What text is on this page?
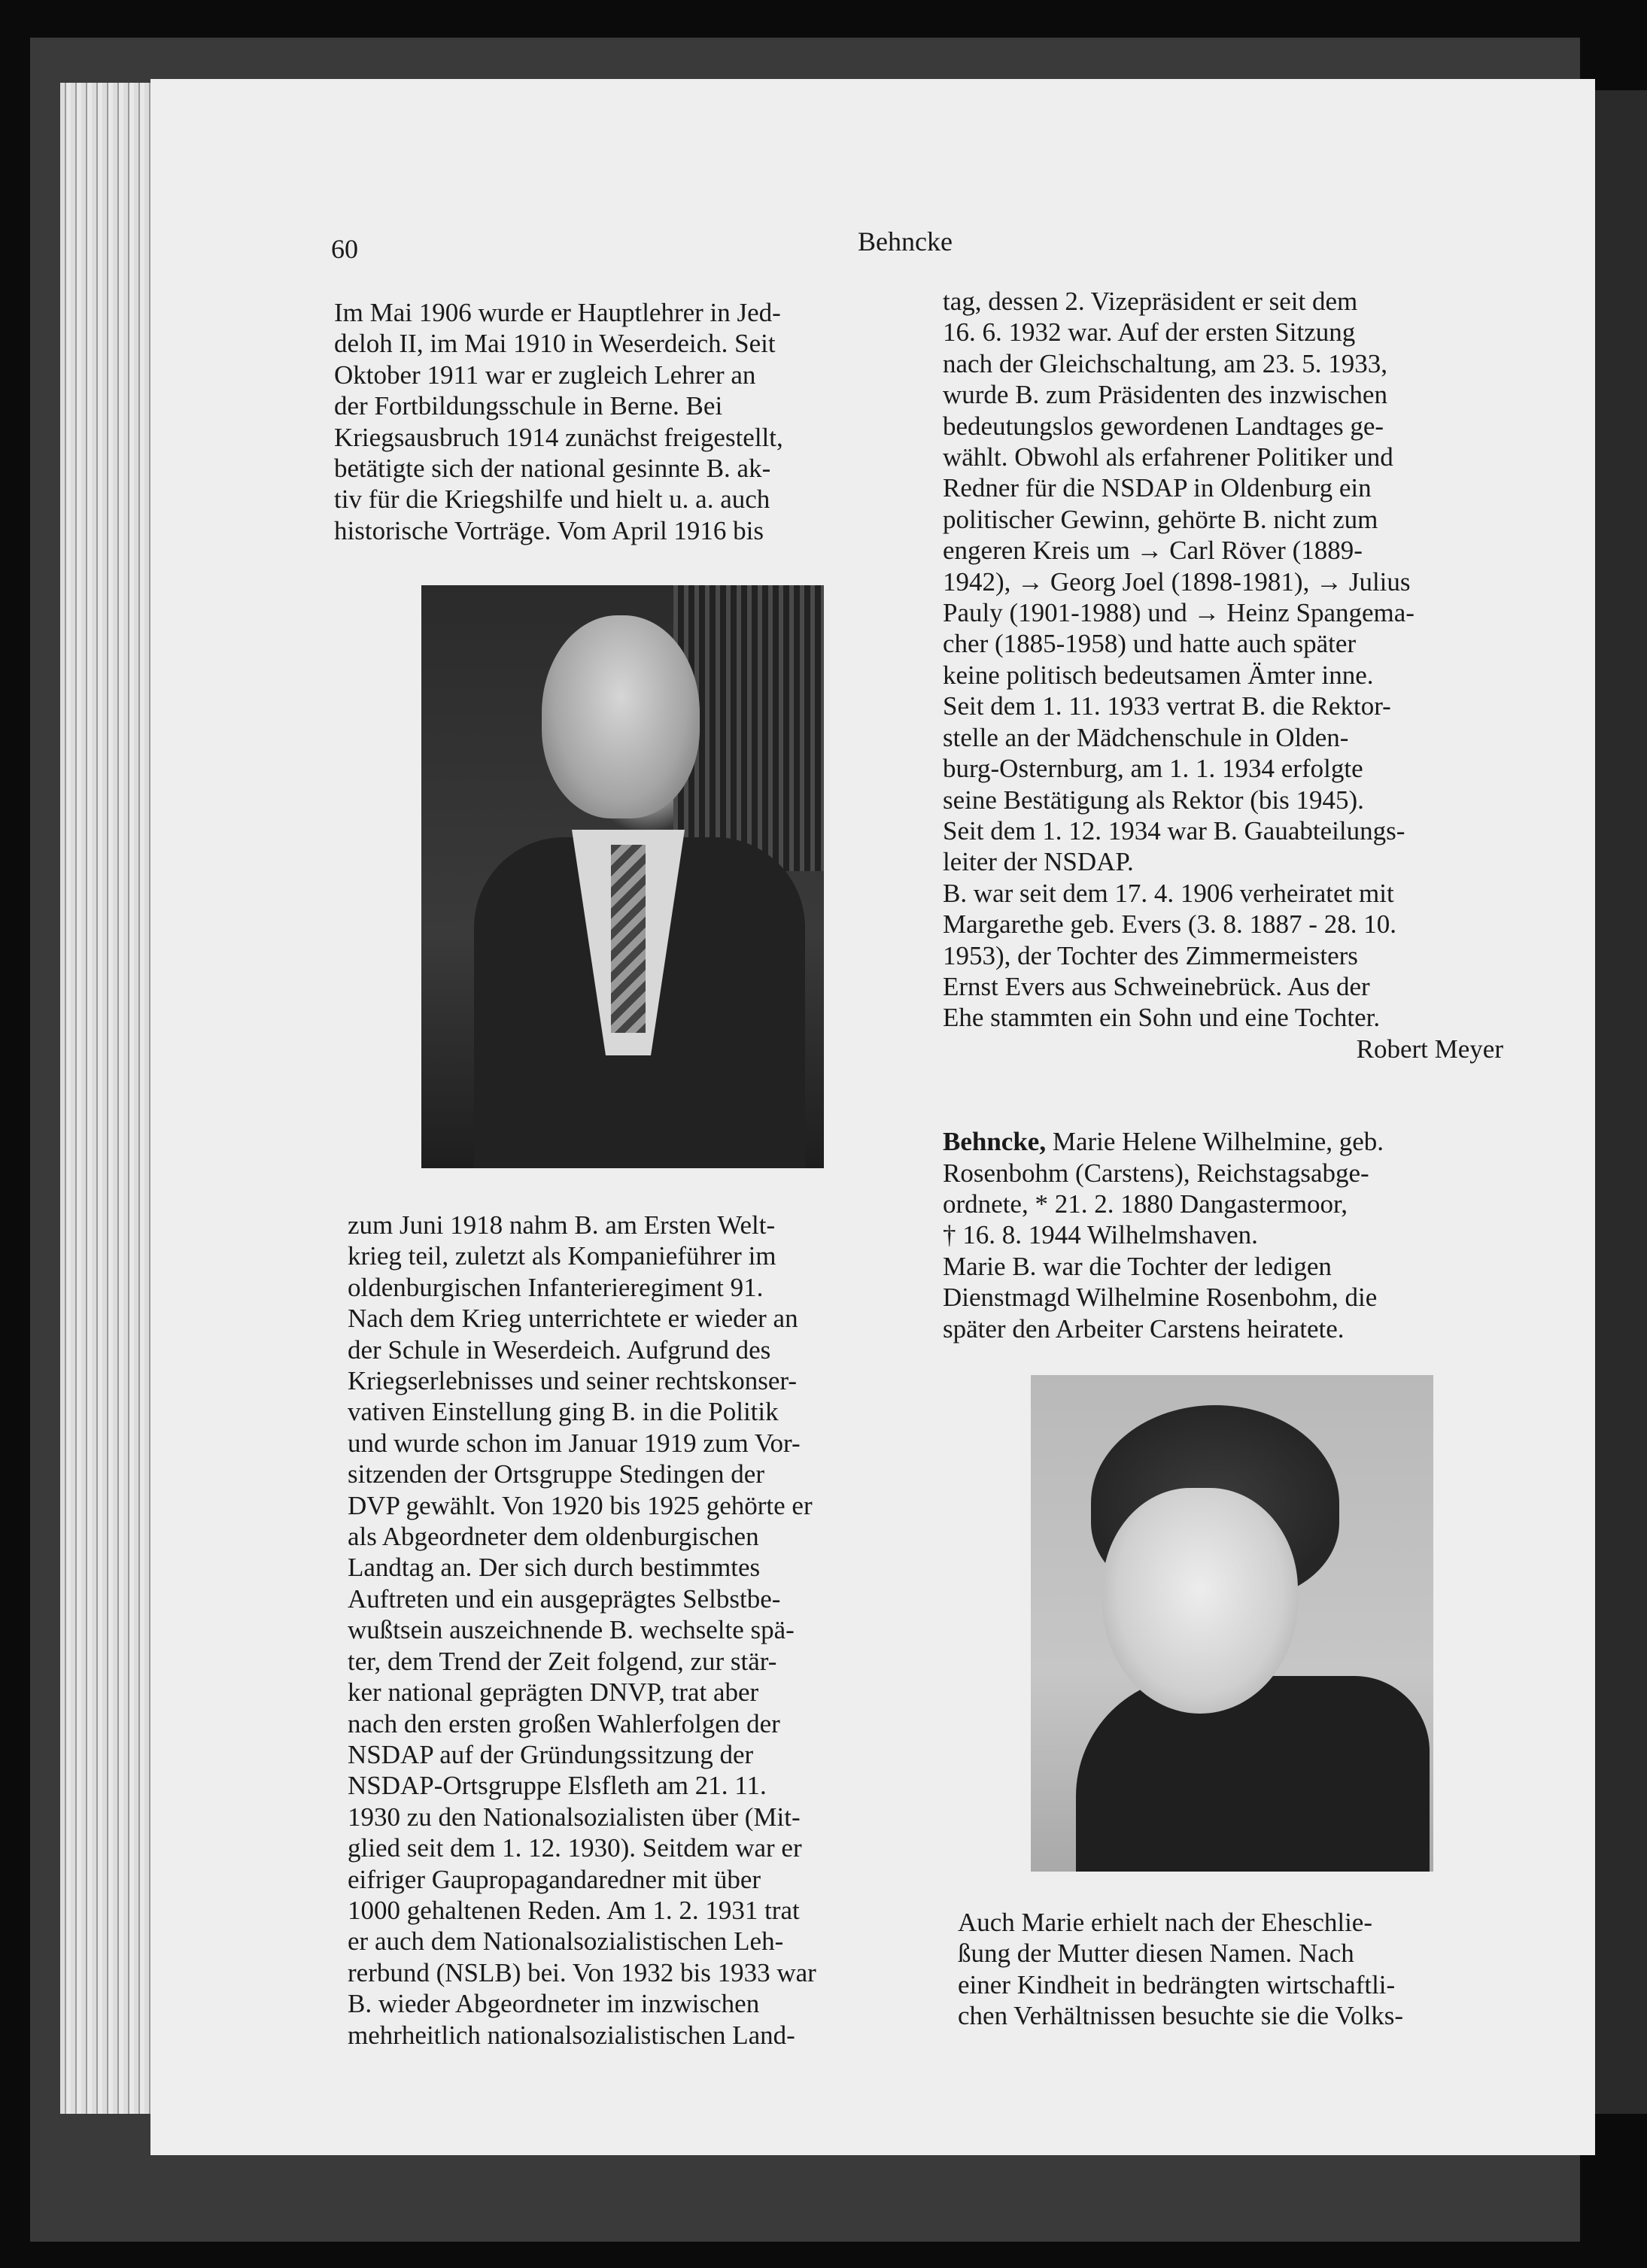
60	Behncke

Im Mai 1906 wurde er Hauptlehrer in Jed-

deloh II, im Mai 1910 in Weserdeich. Seit

Oktober 1911 war er zugleich Lehrer an

der Fortbildungsschule in Berne. Bei

Kriegsausbruch 1914 zunächst freigestellt,

betätigte sich der national gesinnte B. ak-

tiv für die Kriegshilfe und hielt u. a. auch

historische Vorträge. Vom April 1916 bis

zum Juni 1918 nahm B. am Ersten Welt-

krieg teil, zuletzt als Kompanieführer im

oldenburgischen Infanterieregiment 91.

Nach dem Krieg unterrichtete er wieder an

der Schule in Weserdeich. Aufgrund des

Kriegserlebnisses und seiner rechtskonser-

vativen Einstellung ging B. in die Politik

und wurde schon im Januar 1919 zum Vor-

sitzenden der Ortsgruppe Stedingen der

DVP gewählt. Von 1920 bis 1925 gehörte er

als Abgeordneter dem oldenburgischen

Landtag an. Der sich durch bestimmtes

Auftreten und ein ausgeprägtes Selbstbe-

wußtsein auszeichnende B. wechselte spä-

ter, dem Trend der Zeit folgend, zur stär-

ker national geprägten DNVP, trat aber

nach den ersten großen Wahlerfolgen der

NSDAP auf der Gründungssitzung der

NSDAP-Ortsgruppe Elsfleth am 21. 11.

1930 zu den Nationalsozialisten über (Mit-

glied seit dem 1. 12. 1930). Seitdem war er

eifriger Gaupropagandaredner mit über

1000 gehaltenen Reden. Am 1. 2. 1931 trat

er auch dem Nationalsozialistischen Leh-

rerbund (NSLB) bei. Von 1932 bis 1933 war

B. wieder Abgeordneter im inzwischen

mehrheitlich nationalsozialistischen Land-

tag, dessen 2. Vizepräsident er seit dem

16. 6. 1932 war. Auf der ersten Sitzung

nach der Gleichschaltung, am 23. 5. 1933,

wurde B. zum Präsidenten des inzwischen

bedeutungslos gewordenen Landtages ge-

wählt. Obwohl als erfahrener Politiker und

Redner für die NSDAP in Oldenburg ein

politischer Gewinn, gehörte B. nicht zum

engeren Kreis um → Carl Röver (1889-

1942), → Georg Joel (1898-1981), → Julius

Pauly (1901-1988) und → Heinz Spangema-

cher (1885-1958) und hatte auch später

keine politisch bedeutsamen Ämter inne.

Seit dem 1. 11. 1933 vertrat B. die Rektor-

stelle an der Mädchenschule in Olden-

burg-Osternburg, am 1. 1. 1934 erfolgte

seine Bestätigung als Rektor (bis 1945).

Seit dem 1. 12. 1934 war B. Gauabteilungs-

leiter der NSDAP.

B. war seit dem 17. 4. 1906 verheiratet mit

Margarethe geb. Evers (3. 8. 1887 - 28. 10.

1953), der Tochter des Zimmermeisters

Ernst Evers aus Schweinebrück. Aus der

Ehe stammten ein Sohn und eine Tochter.

Robert Meyer

Behncke, Marie Helene Wilhelmine, geb.

Rosenbohm (Carstens), Reichstagsabge-

ordnete, * 21. 2. 1880 Dangastermoor,

† 16. 8. 1944 Wilhelmshaven.

Marie B. war die Tochter der ledigen

Dienstmagd Wilhelmine Rosenbohm, die

später den Arbeiter Carstens heiratete.

Auch Marie erhielt nach der Eheschlie-

ßung der Mutter diesen Namen. Nach

einer Kindheit in bedrängten wirtschaftli-

chen Verhältnissen besuchte sie die Volks-
